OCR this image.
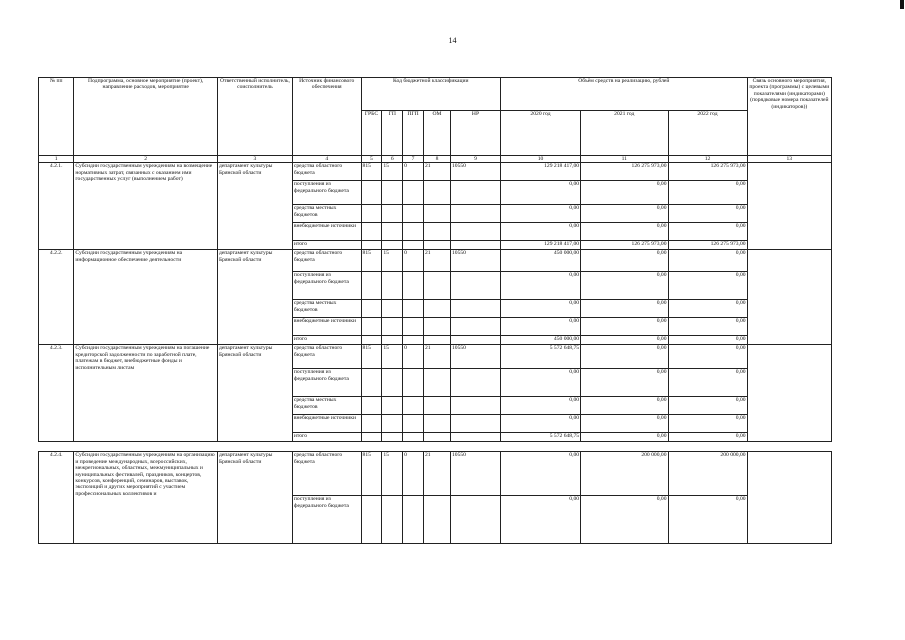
14
№ пп	Подпрограмма, основное мероприятие (проект), направление расходов, мероприятие	Ответственный исполнитель, соисполнитель	Источник финансового обеспечения	Код бюджетной классификации					Объём средств на реализацию, рублей			Связь основного мероприятия, проекта (программы) с целевыми показателями (индикаторами) (порядковые номера показателей (индикаторов))
				ГРБС	ГП	ПГП	ОМ	НР	2020 год	2021 год	2022 год	
1	2	3	4	5	6	7	8	9	10	11	12	13
4.2.1.	Субсидии государственным учреждениям на возмещение нормативных затрат, связанных с оказанием ими государственных услуг (выполнением работ)	департамент культуры Брянской области	средства областного бюджета	815	15	0	21	10550	129 218 417,00	126 275 973,00	126 275 973,00	
			поступления из федерального бюджета						0,00	0,00	0,00	
			средства местных бюджетов						0,00	0,00	0,00	
			внебюджетные источники						0,00	0,00	0,00	
			итого						129 218 417,00	126 275 973,00	126 275 973,00	
4.2.2.	Субсидии государственным учреждениям на информационное обеспечение деятельности	департамент культуры Брянской области	средства областного бюджета	815	15	0	21	10550	450 000,00	0,00	0,00	
			поступления из федерального бюджета						0,00	0,00	0,00	
			средства местных бюджетов						0,00	0,00	0,00	
			внебюджетные источники						0,00	0,00	0,00	
			итого						450 000,00	0,00	0,00	
4.2.3.	Субсидии государственным учреждениям на погашение кредиторской задолженности по заработной плате, платежам в бюджет, внебюджетные фонды и исполнительным листам	департамент культуры Брянской области	средства областного бюджета	815	15	0	21	10550	5 572 648,75	0,00	0,00	
			поступления из федерального бюджета						0,00	0,00	0,00	
			средства местных бюджетов						0,00	0,00	0,00	
			внебюджетные источники						0,00	0,00	0,00	
			итого						5 572 648,75	0,00	0,00	

4.2.4.	Субсидии государственным учреждениям на организацию и проведение международных, всероссийских, межрегиональных, областных, межмуниципальных и муниципальных фестивалей, праздников, концертов, конкурсов, конференций, семинаров, выставок, экспозиций и других мероприятий с участием профессиональных коллективов и	департамент культуры Брянской области	средства областного бюджета	815	15	0	21	10550	0,00	200 000,00	200 000,00	
			поступления из федерального бюджета						0,00	0,00	0,00	
